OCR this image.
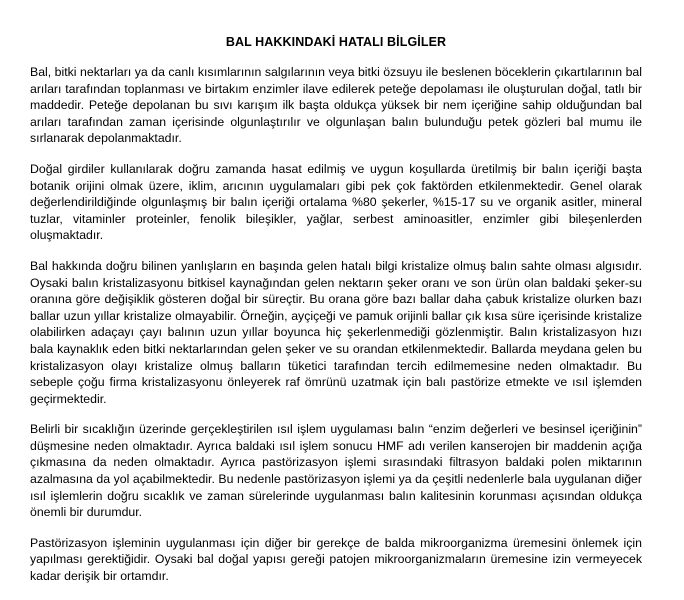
BAL HAKKINDAKİ HATALI BİLGİLER

Bal, bitki nektarları ya da canlı kısımlarının salgılarının veya bitki özsuyu ile beslenen böceklerin çıkartılarının bal arıları tarafından toplanması ve birtakım enzimler ilave edilerek peteğe depolaması ile oluşturulan doğal, tatlı bir maddedir. Peteğe depolanan bu sıvı karışım ilk başta oldukça yüksek bir nem içeriğine sahip olduğundan bal arıları tarafından zaman içerisinde olgunlaştırılır ve olgunlaşan balın bulunduğu petek gözleri bal mumu ile sırlanarak depolanmaktadır.

Doğal girdiler kullanılarak doğru zamanda hasat edilmiş ve uygun koşullarda üretilmiş bir balın içeriği başta botanik orijini olmak üzere, iklim, arıcının uygulamaları gibi pek çok faktörden etkilenmektedir. Genel olarak değerlendirildiğinde olgunlaşmış bir balın içeriği ortalama %80 şekerler, %15-17 su ve organik asitler, mineral tuzlar, vitaminler proteinler, fenolik bileşikler, yağlar, serbest aminoasitler, enzimler gibi bileşenlerden oluşmaktadır.

Bal hakkında doğru bilinen yanlışların en başında gelen hatalı bilgi kristalize olmuş balın sahte olması algısıdır. Oysaki balın kristalizasyonu bitkisel kaynağından gelen nektarın şeker oranı ve son ürün olan baldaki şeker-su oranına göre değişiklik gösteren doğal bir süreçtir. Bu orana göre bazı ballar daha çabuk kristalize olurken bazı ballar uzun yıllar kristalize olmayabilir. Örneğin, ayçiçeği ve pamuk orijinli ballar çık kısa süre içerisinde kristalize olabilirken adaçayı çayı balının uzun yıllar boyunca hiç şekerlenmediği gözlenmiştir. Balın kristalizasyon hızı bala kaynaklık eden bitki nektarlarından gelen şeker ve su orandan etkilenmektedir. Ballarda meydana gelen bu kristalizasyon olayı kristalize olmuş balların tüketici tarafından tercih edilmemesine neden olmaktadır. Bu sebeple çoğu firma kristalizasyonu önleyerek raf ömrünü uzatmak için balı pastörize etmekte ve ısıl işlemden geçirmektedir.

Belirli bir sıcaklığın üzerinde gerçekleştirilen ısıl işlem uygulaması balın “enzim değerleri ve besinsel içeriğinin” düşmesine neden olmaktadır. Ayrıca baldaki ısıl işlem sonucu HMF adı verilen kanserojen bir maddenin açığa çıkmasına da neden olmaktadır. Ayrıca pastörizasyon işlemi sırasındaki filtrasyon baldaki polen miktarının azalmasına da yol açabilmektedir. Bu nedenle pastörizasyon işlemi ya da çeşitli nedenlerle bala uygulanan diğer ısıl işlemlerin doğru sıcaklık ve zaman sürelerinde uygulanması balın kalitesinin korunması açısından oldukça önemli bir durumdur.

Pastörizasyon işleminin uygulanması için diğer bir gerekçe de balda mikroorganizma üremesini önlemek için yapılması gerektiğidir. Oysaki bal doğal yapısı gereği patojen mikroorganizmaların üremesine izin vermeyecek kadar derişik bir ortamdır.
